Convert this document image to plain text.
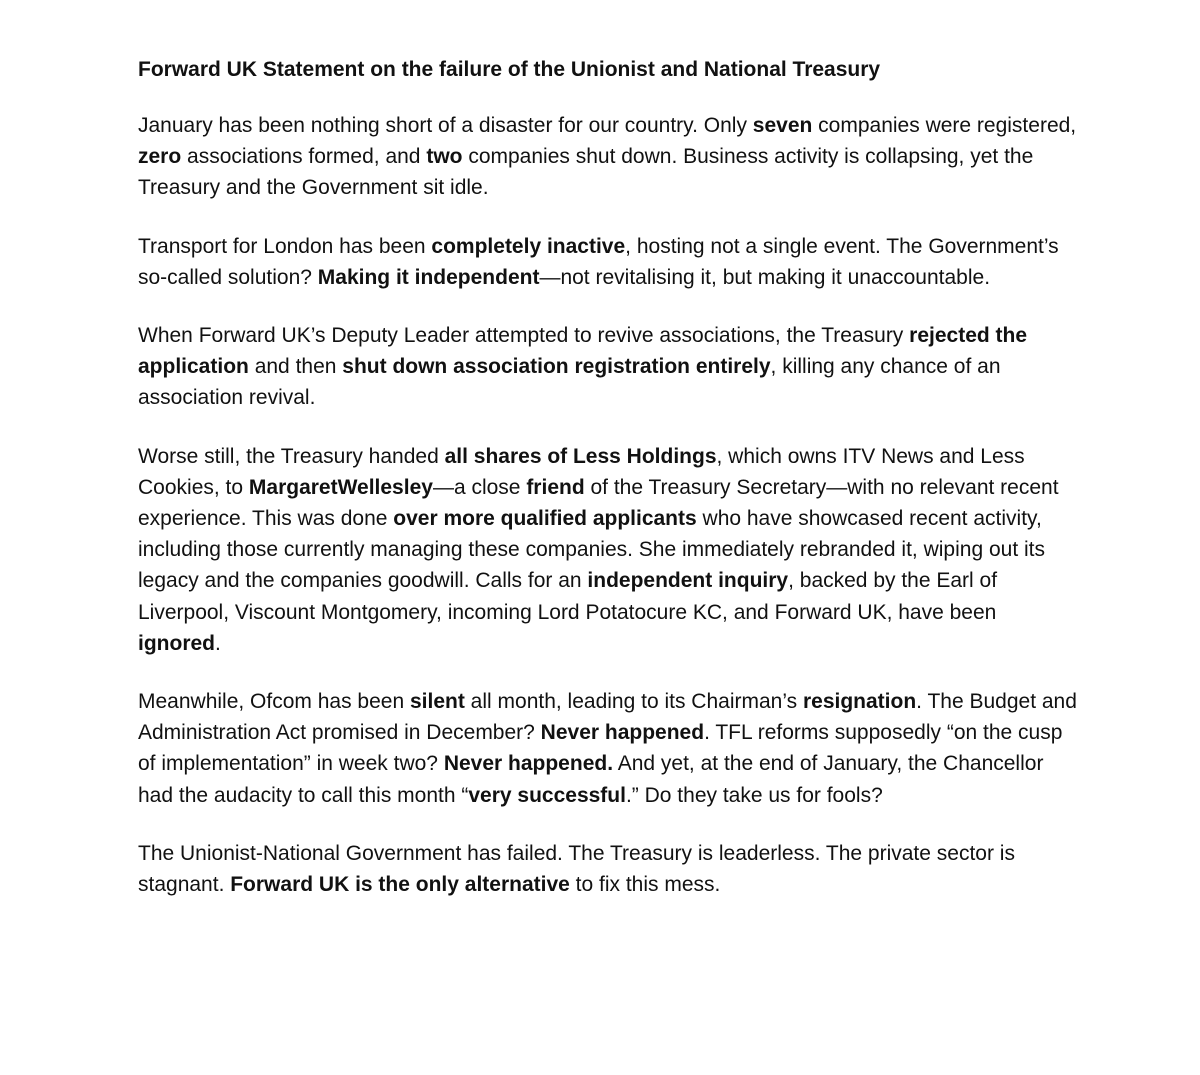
Forward UK Statement on the failure of the Unionist and National Treasury

January has been nothing short of a disaster for our country. Only seven companies were registered, zero associations formed, and two companies shut down. Business activity is collapsing, yet the Treasury and the Government sit idle.

Transport for London has been completely inactive, hosting not a single event. The Government’s so-called solution? Making it independent—not revitalising it, but making it unaccountable.

When Forward UK’s Deputy Leader attempted to revive associations, the Treasury rejected the application and then shut down association registration entirely, killing any chance of an association revival.

Worse still, the Treasury handed all shares of Less Holdings, which owns ITV News and Less Cookies, to MargaretWellesley—a close friend of the Treasury Secretary—with no relevant recent experience. This was done over more qualified applicants who have showcased recent activity, including those currently managing these companies. She immediately rebranded it, wiping out its legacy and the companies goodwill. Calls for an independent inquiry, backed by the Earl of Liverpool, Viscount Montgomery, incoming Lord Potatocure KC, and Forward UK, have been ignored.

Meanwhile, Ofcom has been silent all month, leading to its Chairman’s resignation. The Budget and Administration Act promised in December? Never happened. TFL reforms supposedly “on the cusp of implementation” in week two? Never happened. And yet, at the end of January, the Chancellor had the audacity to call this month “very successful.” Do they take us for fools?

The Unionist-National Government has failed. The Treasury is leaderless. The private sector is stagnant. Forward UK is the only alternative to fix this mess.
